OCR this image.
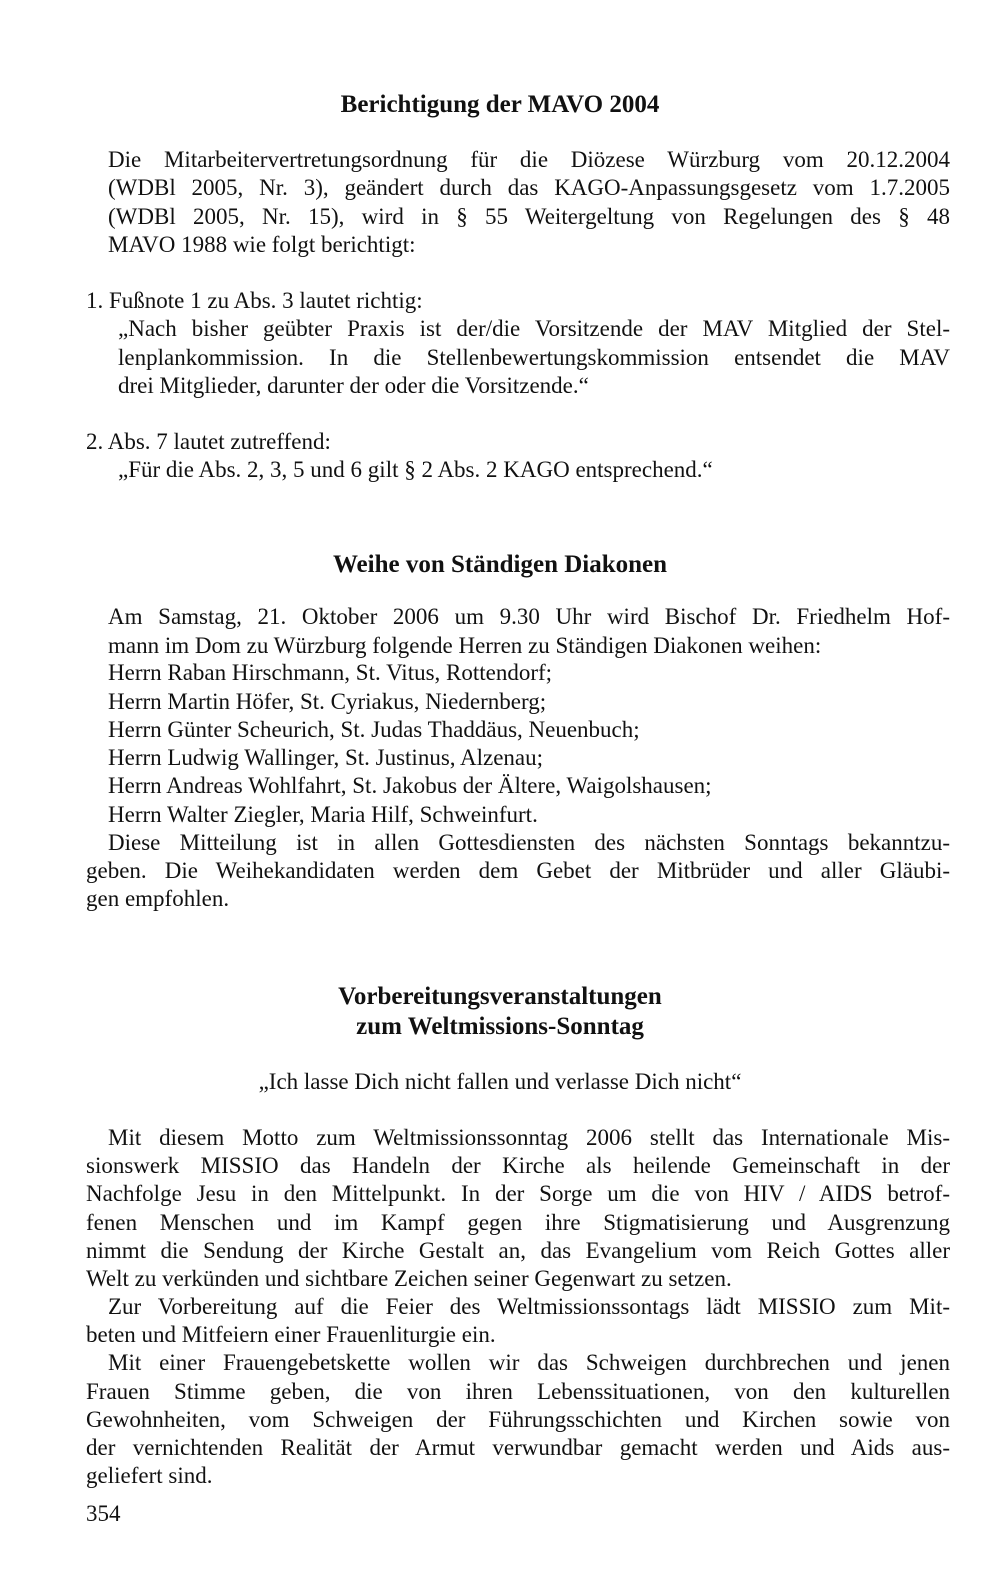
Berichtigung der MAVO 2004

Die Mitarbeitervertretungsordnung für die Diözese Würzburg vom 20.12.2004

(WDBl 2005, Nr. 3), geändert durch das KAGO-Anpassungsgesetz vom 1.7.2005

(WDBl 2005, Nr. 15), wird in § 55 Weitergeltung von Regelungen des § 48

MAVO 1988 wie folgt berichtigt:

1. Fußnote 1 zu Abs. 3 lautet richtig:

„Nach bisher geübter Praxis ist der/die Vorsitzende der MAV Mitglied der Stel-

lenplankommission. In die Stellenbewertungskommission entsendet die MAV

drei Mitglieder, darunter der oder die Vorsitzende.“

2. Abs. 7 lautet zutreffend:

„Für die Abs. 2, 3, 5 und 6 gilt § 2 Abs. 2 KAGO entsprechend.“

Weihe von Ständigen Diakonen

Am Samstag, 21. Oktober 2006 um 9.30 Uhr wird Bischof Dr. Friedhelm Hof-

mann im Dom zu Würzburg folgende Herren zu Ständigen Diakonen weihen:

Herrn Raban Hirschmann, St. Vitus, Rottendorf;

Herrn Martin Höfer, St. Cyriakus, Niedernberg;

Herrn Günter Scheurich, St. Judas Thaddäus, Neuenbuch;

Herrn Ludwig Wallinger, St. Justinus, Alzenau;

Herrn Andreas Wohlfahrt, St. Jakobus der Ältere, Waigolshausen;

Herrn Walter Ziegler, Maria Hilf, Schweinfurt.

Diese Mitteilung ist in allen Gottesdiensten des nächsten Sonntags bekanntzu-

geben. Die Weihekandidaten werden dem Gebet der Mitbrüder und aller Gläubi-

gen empfohlen.

Vorbereitungsveranstaltungen
zum Weltmissions-Sonntag

„Ich lasse Dich nicht fallen und verlasse Dich nicht“

Mit diesem Motto zum Weltmissionssonntag 2006 stellt das Internationale Mis-

sionswerk MISSIO das Handeln der Kirche als heilende Gemeinschaft in der

Nachfolge Jesu in den Mittelpunkt. In der Sorge um die von HIV / AIDS betrof-

fenen Menschen und im Kampf gegen ihre Stigmatisierung und Ausgrenzung

nimmt die Sendung der Kirche Gestalt an, das Evangelium vom Reich Gottes aller

Welt zu verkünden und sichtbare Zeichen seiner Gegenwart zu setzen.

Zur Vorbereitung auf die Feier des Weltmissionssontags lädt MISSIO zum Mit-

beten und Mitfeiern einer Frauenliturgie ein.

Mit einer Frauengebetskette wollen wir das Schweigen durchbrechen und jenen

Frauen Stimme geben, die von ihren Lebenssituationen, von den kulturellen

Gewohnheiten, vom Schweigen der Führungsschichten und Kirchen sowie von

der vernichtenden Realität der Armut verwundbar gemacht werden und Aids aus-

geliefert sind.

354
